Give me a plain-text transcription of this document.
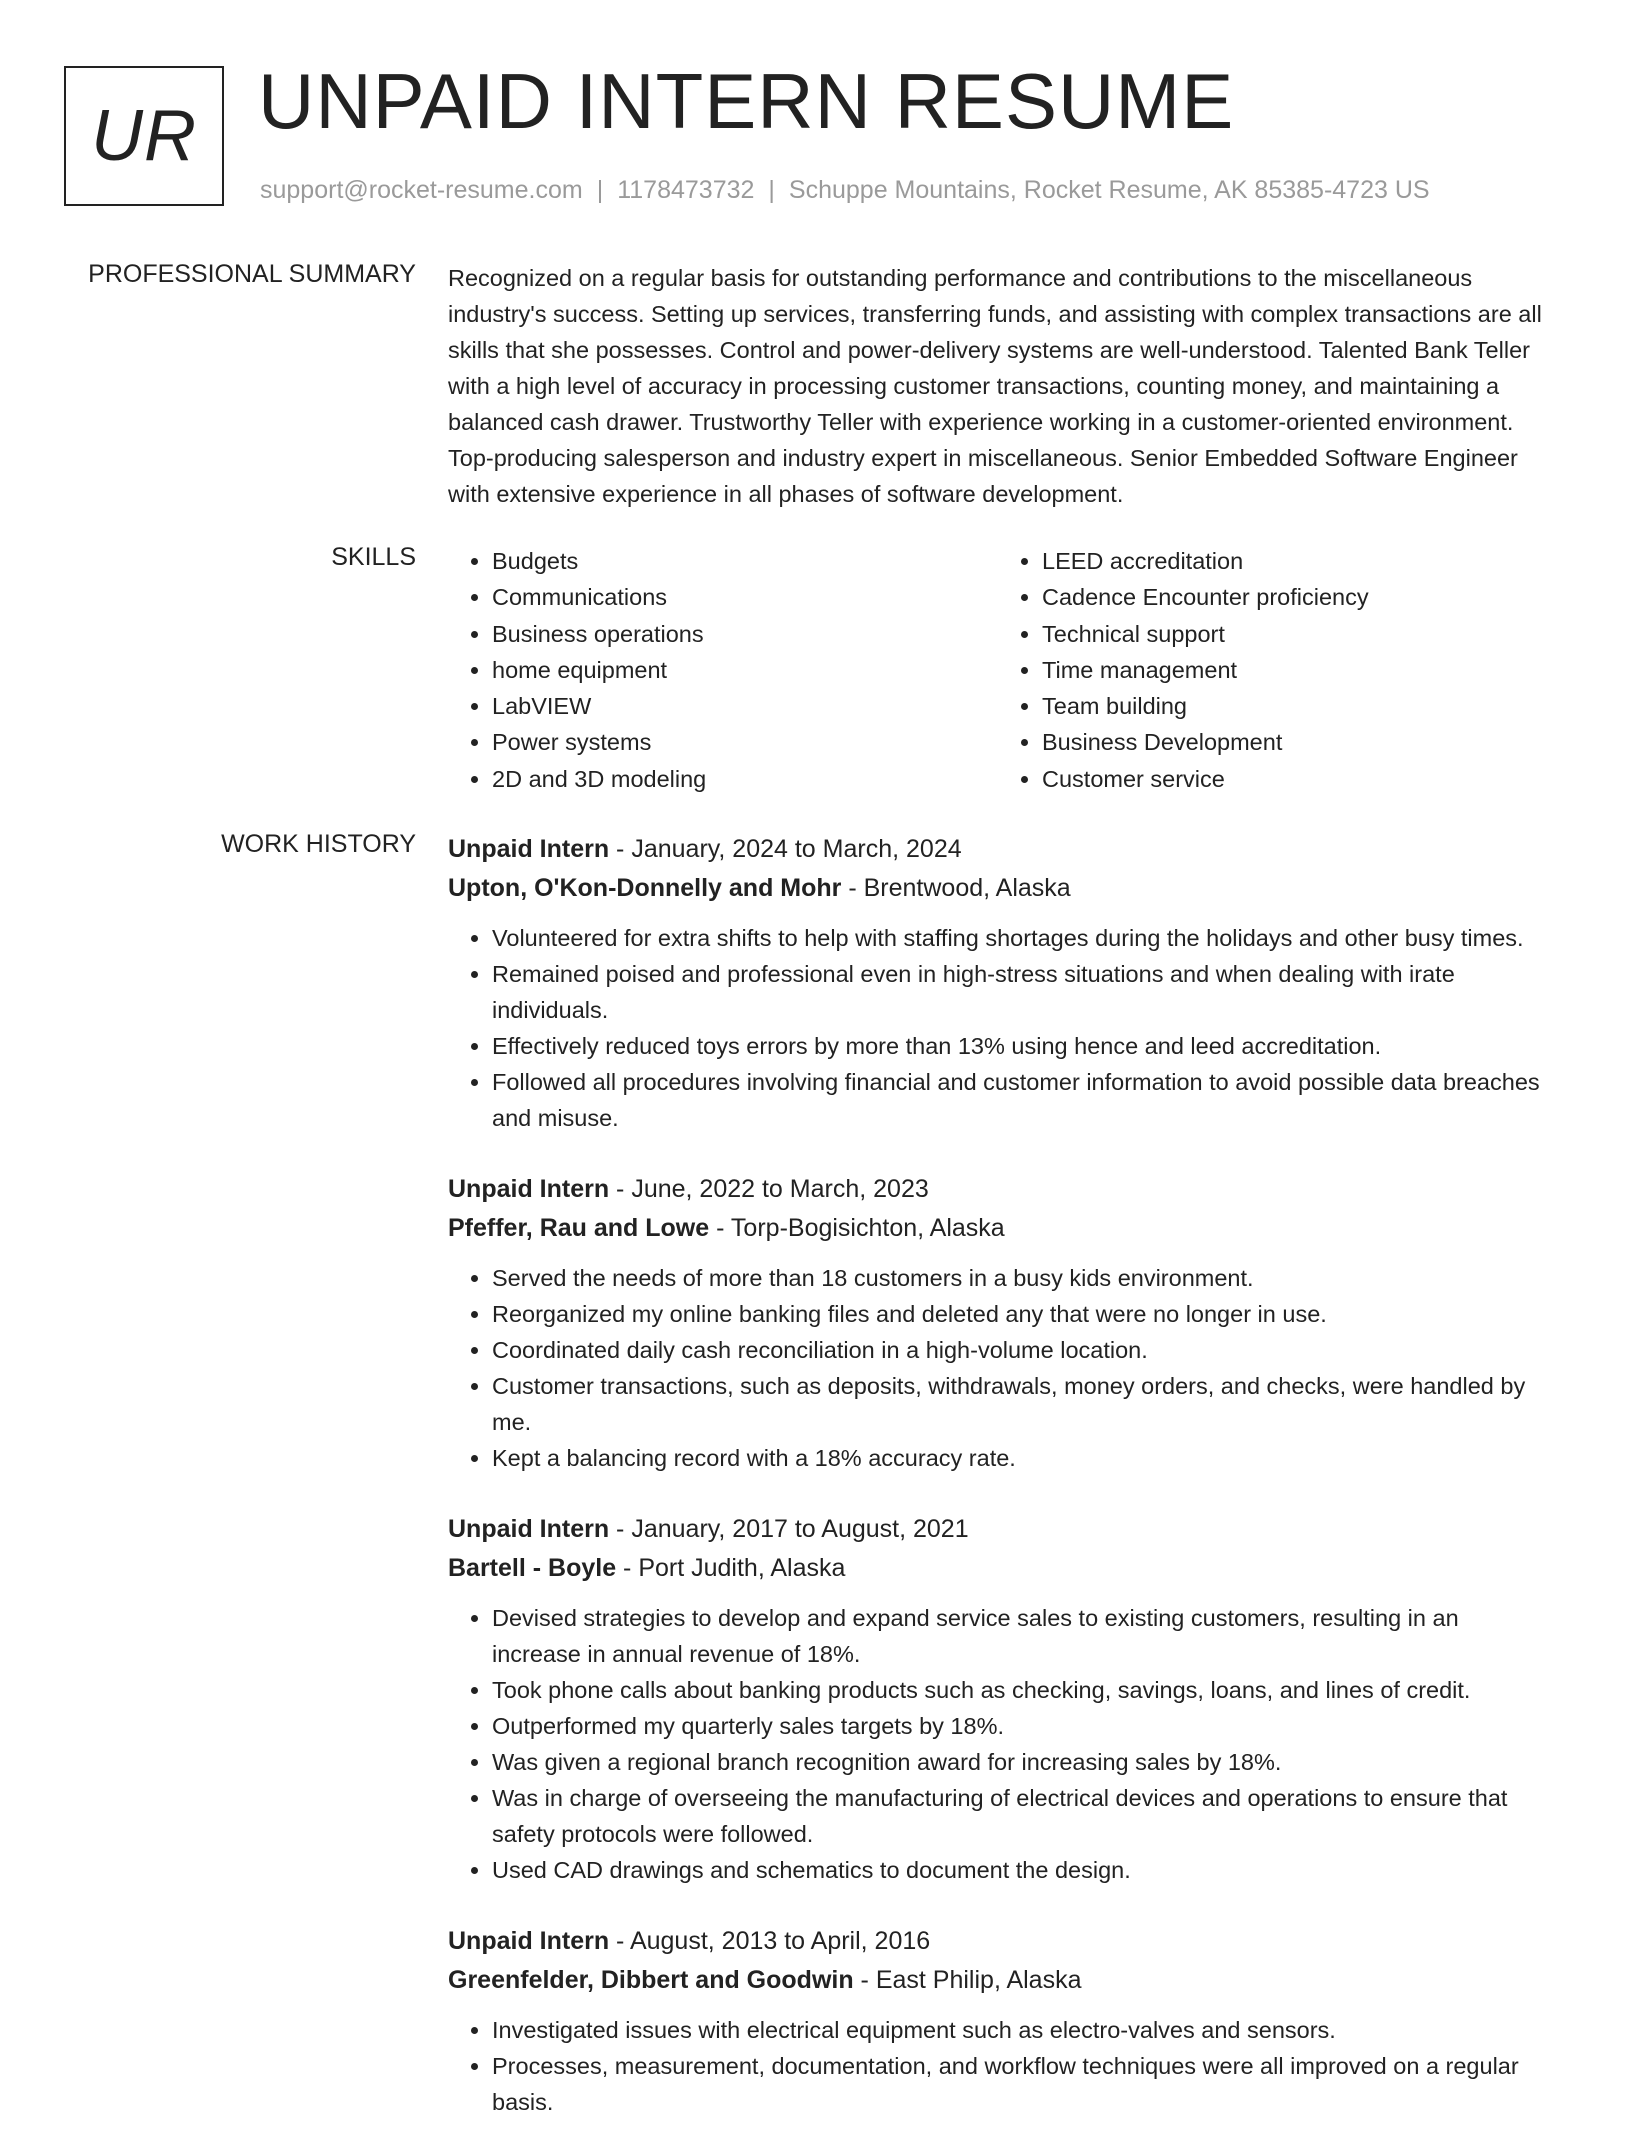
UR UNPAID INTERN RESUME
support@rocket-resume.com | 1178473732 | Schuppe Mountains, Rocket Resume, AK 85385-4723 US
PROFESSIONAL SUMMARY Recognized on a regular basis for outstanding performance and contributions to the miscellaneous industry's success. Setting up services, transferring funds, and assisting with complex transactions are all skills that she possesses. Control and power-delivery systems are well-understood. Talented Bank Teller with a high level of accuracy in processing customer transactions, counting money, and maintaining a balanced cash drawer. Trustworthy Teller with experience working in a customer-oriented environment. Top-producing salesperson and industry expert in miscellaneous. Senior Embedded Software Engineer with extensive experience in all phases of software development.

SKILLS
•	Budgets
• Communications
• Business operations
• home equipment
• LabVIEW
• Power systems
• 2D and 3D modeling
• LEED accreditation
• Cadence Encounter proficiency
• Technical support
• Time management
• Team building
• Business Development
• Customer service
WORK HISTORY Unpaid Intern - January, 2024 to March, 2024
Upton, O'Kon-Donnelly and Mohr - Brentwood, Alaska
• Volunteered for extra shifts to help with staffing shortages during the holidays and other busy times.
• Remained poised and professional even in high-stress situations and when dealing with irate individuals.
• Effectively reduced toys errors by more than 13% using hence and leed accreditation.
• Followed all procedures involving financial and customer information to avoid possible data breaches and misuse.
Unpaid Intern - June, 2022 to March, 2023
Pfeffer, Rau and Lowe - Torp-Bogisichton, Alaska
• Served the needs of more than 18 customers in a busy kids environment.
• Reorganized my online banking files and deleted any that were no longer in use.
• Coordinated daily cash reconciliation in a high-volume location.
• Customer transactions, such as deposits, withdrawals, money orders, and checks, were handled by me.
• Kept a balancing record with a 18% accuracy rate.
Unpaid Intern - January, 2017 to August, 2021
Bartell - Boyle - Port Judith, Alaska
• Devised strategies to develop and expand service sales to existing customers, resulting in an increase in annual revenue of 18%.
• Took phone calls about banking products such as checking, savings, loans, and lines of credit.
• Outperformed my quarterly sales targets by 18%.
• Was given a regional branch recognition award for increasing sales by 18%.
• Was in charge of overseeing the manufacturing of electrical devices and operations to ensure that safety protocols were followed.
• Used CAD drawings and schematics to document the design.
Unpaid Intern - August, 2013 to April, 2016
Greenfelder, Dibbert and Goodwin - East Philip, Alaska
• Investigated issues with electrical equipment such as electro-valves and sensors.
• Processes, measurement, documentation, and workflow techniques were all improved on a regular basis.
